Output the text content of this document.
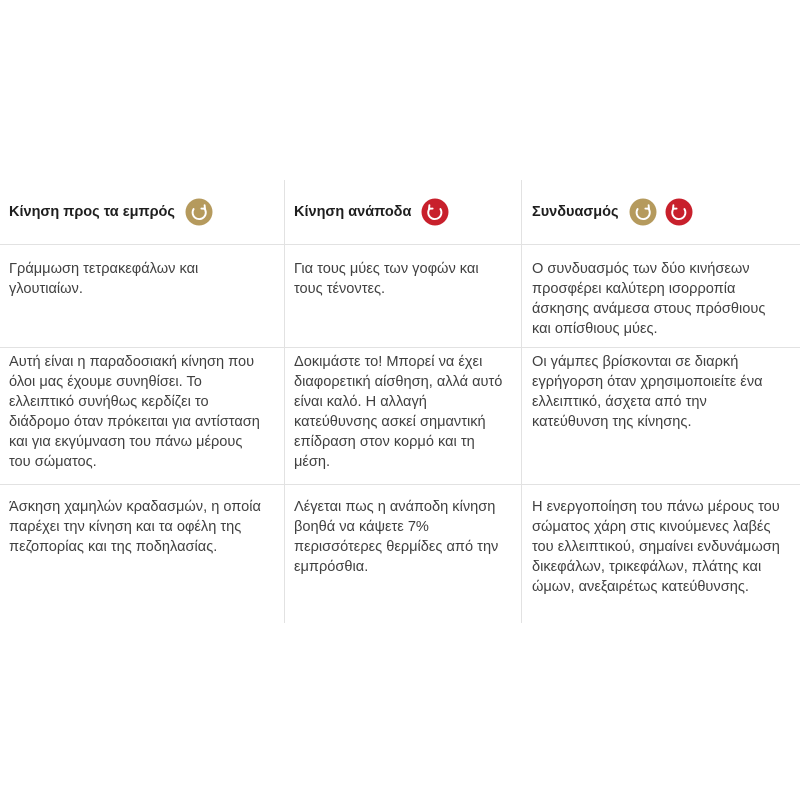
Κίνηση προς τα εμπρός	Κίνηση ανάποδα	Συνδυασμός
Γράμμωση τετρακεφάλων και γλουτιαίων.
Για τους μύες των γοφών και τους τένοντες.
Ο συνδυασμός των δύο κινήσεων προσφέρει καλύτερη ισορροπία άσκησης ανάμεσα στους πρόσθιους και οπίσθιους μύες.
Αυτή είναι η παραδοσιακή κίνηση που όλοι μας έχουμε συνηθίσει. Το ελλειπτικό συνήθως κερδίζει το διάδρομο όταν πρόκειται για αντίσταση και για εκγύμναση του πάνω μέρους του σώματος.
Δοκιμάστε το! Μπορεί να έχει διαφορετική αίσθηση, αλλά αυτό είναι καλό. Η αλλαγή κατεύθυνσης ασκεί σημαντική επίδραση στον κορμό και τη μέση.
Οι γάμπες βρίσκονται σε διαρκή εγρήγορση όταν χρησιμοποιείτε ένα ελλειπτικό, άσχετα από την κατεύθυνση της κίνησης.
Άσκηση χαμηλών κραδασμών, η οποία παρέχει την κίνηση και τα οφέλη της πεζοπορίας και της ποδηλασίας.
Λέγεται πως η ανάποδη κίνηση βοηθά να κάψετε 7% περισσότερες θερμίδες από την εμπρόσθια.
Η ενεργοποίηση του πάνω μέρους του σώματος χάρη στις κινούμενες λαβές του ελλειπτικού, σημαίνει ενδυνάμωση δικεφάλων, τρικεφάλων, πλάτης και ώμων, ανεξαιρέτως κατεύθυνσης.
